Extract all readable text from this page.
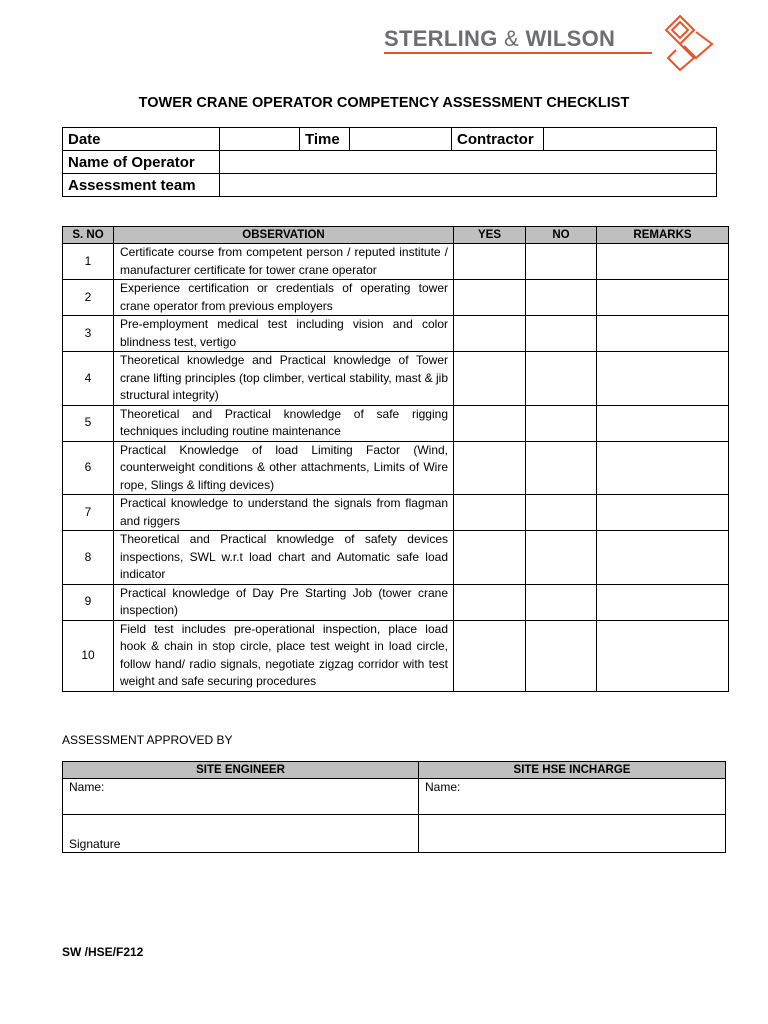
STERLING & WILSON
TOWER CRANE OPERATOR COMPETENCY ASSESSMENT CHECKLIST
Date		Time		Contractor	
Name of Operator					
Assessment team					
S. NO	OBSERVATION	YES	NO	REMARKS
1	Certificate course from competent person / reputed institute / manufacturer certificate for tower crane operator			
2	Experience certification or credentials of operating tower crane operator from previous employers			
3	Pre-employment medical test including vision and color blindness test, vertigo			
4	Theoretical knowledge and Practical knowledge of Tower crane lifting principles (top climber, vertical stability, mast & jib structural integrity)			
5	Theoretical and Practical knowledge of safe rigging techniques including routine maintenance			
6	Practical Knowledge of load Limiting Factor (Wind, counterweight conditions & other attachments, Limits of Wire rope, Slings & lifting devices)			
7	Practical knowledge to understand the signals from flagman and riggers			
8	Theoretical and Practical knowledge of safety devices inspections, SWL w.r.t load chart and Automatic safe load indicator			
9	Practical knowledge of Day Pre Starting Job (tower crane inspection)			
10	Field test includes pre-operational inspection, place load hook & chain in stop circle, place test weight in load circle, follow hand/ radio signals, negotiate zigzag corridor with test weight and safe securing procedures			
ASSESSMENT APPROVED BY
SITE ENGINEER	SITE HSE INCHARGE
Name:	Name:
Signature	
SW /HSE/F212
